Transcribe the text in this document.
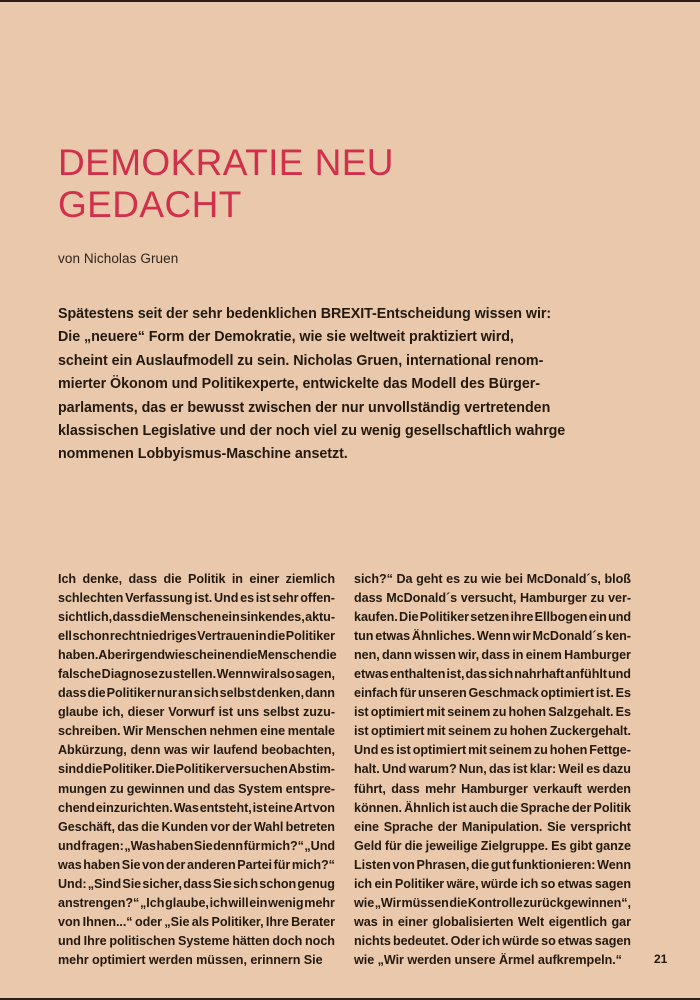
DEMOKRATIE NEU GEDACHT
von Nicholas Gruen
Spätestens seit der sehr bedenklichen BREXIT-Entscheidung wissen wir:
Die „neuere“ Form der Demokratie, wie sie weltweit praktiziert wird,
scheint ein Auslaufmodell zu sein. Nicholas Gruen, international renom-
mierter Ökonom und Politikexperte, entwickelte das Modell des Bürger-
parlaments, das er bewusst zwischen der nur unvollständig vertretenden
klassischen Legislative und der noch viel zu wenig gesellschaftlich wahrge
nommenen Lobbyismus-Maschine ansetzt.
Ich denke, dass die Politik in einer ziemlich
schlechten Verfassung ist. Und es ist sehr offen-
sichtlich, dass die Menschen ein sinkendes, aktu-
ell schon recht niedriges Vertrauen in die Politiker
haben. Aber irgendwie scheinen die Menschen die
falsche Diagnose zu stellen. Wenn wir also sagen,
dass die Politiker nur an sich selbst denken, dann
glaube ich, dieser Vorwurf ist uns selbst zuzu-
schreiben. Wir Menschen nehmen eine mentale
Abkürzung, denn was wir laufend beobachten,
sind die Politiker. Die Politiker versuchen Abstim-
mungen zu gewinnen und das System entspre-
chend einzurichten. Was entsteht, ist eine Art von
Geschäft, das die Kunden vor der Wahl betreten
und fragen: „Was haben Sie denn für mich?“ „Und
was haben Sie von der anderen Partei für mich?“
Und: „Sind Sie sicher, dass Sie sich schon genug
anstrengen?“ „Ich glaube, ich will ein wenig mehr
von Ihnen...“ oder „Sie als Politiker, Ihre Berater
und Ihre politischen Systeme hätten doch noch
mehr optimiert werden müssen, erinnern Sie
sich?“ Da geht es zu wie bei McDonald´s, bloß
dass McDonald´s versucht, Hamburger zu ver-
kaufen. Die Politiker setzen ihre Ellbogen ein und
tun etwas Ähnliches. Wenn wir McDonald´s ken-
nen, dann wissen wir, dass in einem Hamburger
etwas enthalten ist, das sich nahrhaft anfühlt und
einfach für unseren Geschmack optimiert ist. Es
ist optimiert mit seinem zu hohen Salzgehalt. Es
ist optimiert mit seinem zu hohen Zuckergehalt.
Und es ist optimiert mit seinem zu hohen Fettge-
halt. Und warum? Nun, das ist klar: Weil es dazu
führt, dass mehr Hamburger verkauft werden
können. Ähnlich ist auch die Sprache der Politik
eine Sprache der Manipulation. Sie verspricht
Geld für die jeweilige Zielgruppe. Es gibt ganze
Listen von Phrasen, die gut funktionieren: Wenn
ich ein Politiker wäre, würde ich so etwas sagen
wie „Wir müssen die Kontrolle zurückgewinnen“,
was in einer globalisierten Welt eigentlich gar
nichts bedeutet. Oder ich würde so etwas sagen
wie „Wir werden unsere Ärmel aufkrempeln.“	21
